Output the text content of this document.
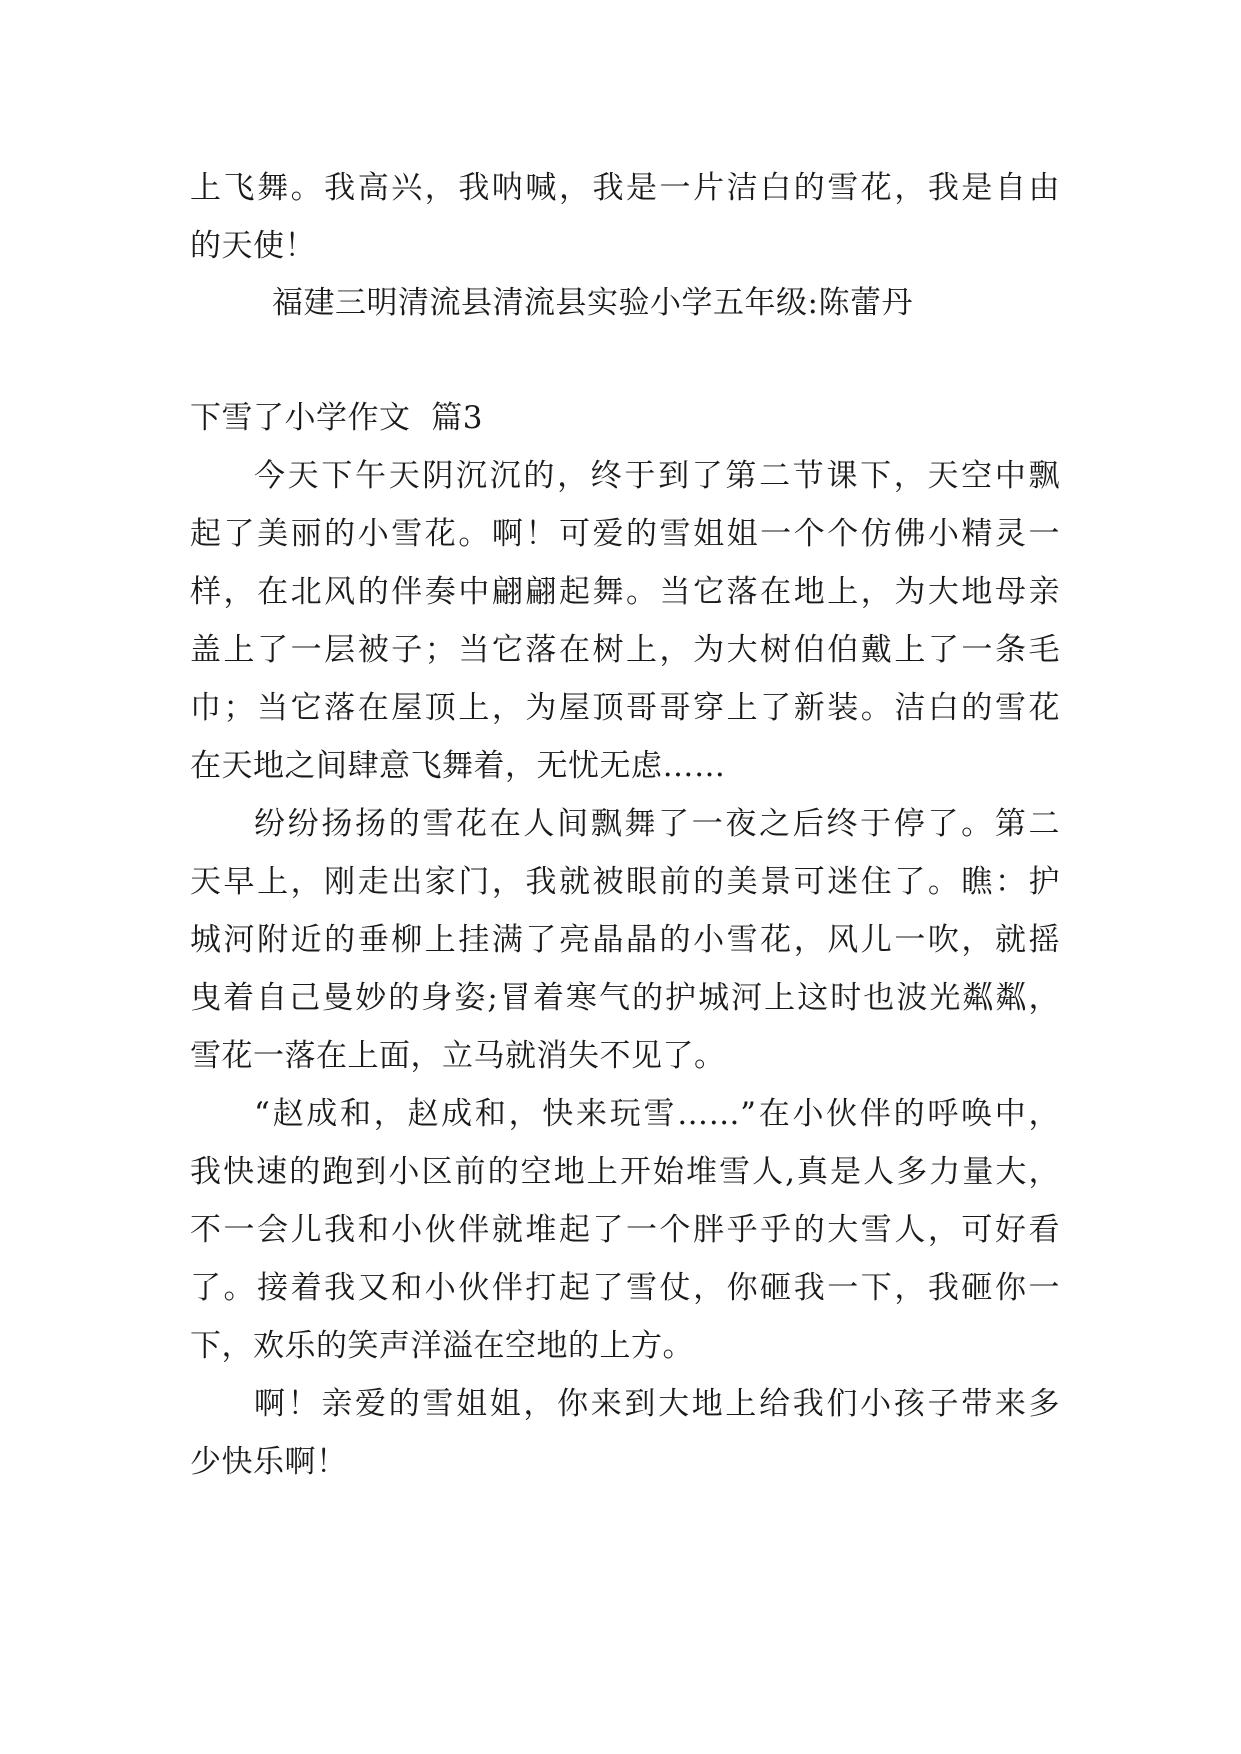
上飞舞。我高兴，我呐喊，我是一片洁白的雪花，我是自由
的天使！
福建三明清流县清流县实验小学五年级:陈蕾丹
下雪了小学作文  篇3
今天下午天阴沉沉的，终于到了第二节课下，天空中飘
起了美丽的小雪花。啊！可爱的雪姐姐一个个仿佛小精灵一
样，在北风的伴奏中翩翩起舞。当它落在地上，为大地母亲
盖上了一层被子；当它落在树上，为大树伯伯戴上了一条毛
巾；当它落在屋顶上，为屋顶哥哥穿上了新装。洁白的雪花
在天地之间肆意飞舞着，无忧无虑……
纷纷扬扬的雪花在人间飘舞了一夜之后终于停了。第二
天早上，刚走出家门，我就被眼前的美景可迷住了。瞧：护
城河附近的垂柳上挂满了亮晶晶的小雪花，风儿一吹，就摇
曳着自己曼妙的身姿;冒着寒气的护城河上这时也波光粼粼，
雪花一落在上面，立马就消失不见了。
“赵成和，赵成和，快来玩雪……”在小伙伴的呼唤中，
我快速的跑到小区前的空地上开始堆雪人,真是人多力量大，
不一会儿我和小伙伴就堆起了一个胖乎乎的大雪人，可好看
了。接着我又和小伙伴打起了雪仗，你砸我一下，我砸你一
下，欢乐的笑声洋溢在空地的上方。
啊！亲爱的雪姐姐，你来到大地上给我们小孩子带来多
少快乐啊！
